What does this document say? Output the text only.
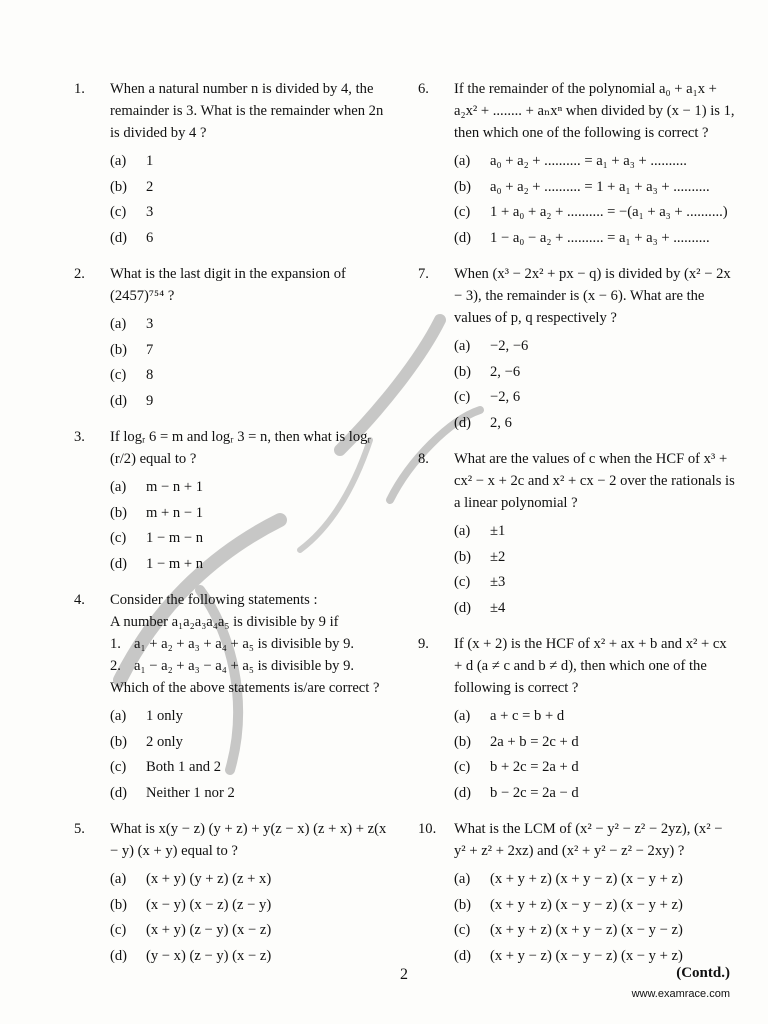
1.	When a natural number n is divided by 4, the remainder is 3. What is the remainder when 2n is divided by 4 ?
(a)	1
(b)	2
(c)	3
(d)	6
2.	What is the last digit in the expansion of (2457)⁷⁵⁴ ?
(a)	3
(b)	7
(c)	8
(d)	9
3.	If logᵣ 6 = m and logᵣ 3 = n, then what is logᵣ (r/2) equal to ?
(a)	m − n + 1
(b)	m + n − 1
(c)	1 − m − n
(d)	1 − m + n
4.	Consider the following statements :
A number a₁a₂a₃a₄a₅ is divisible by 9 if
1. a₁ + a₂ + a₃ + a₄ + a₅ is divisible by 9.
2. a₁ − a₂ + a₃ − a₄ + a₅ is divisible by 9.
Which of the above statements is/are correct ?
(a)	1 only
(b)	2 only
(c)	Both 1 and 2
(d)	Neither 1 nor 2
5.	What is x(y − z) (y + z) + y(z − x) (z + x) + z(x − y) (x + y) equal to ?
(a)	(x + y) (y + z) (z + x)
(b)	(x − y) (x − z) (z − y)
(c)	(x + y) (z − y) (x − z)
(d)	(y − x) (z − y) (x − z)
6.	If the remainder of the polynomial a₀ + a₁x + a₂x² + ........ + aₙxⁿ when divided by (x − 1) is 1, then which one of the following is correct ?
(a)	a₀ + a₂ + .......... = a₁ + a₃ + ..........
(b)	a₀ + a₂ + .......... = 1 + a₁ + a₃ + ..........
(c)	1 + a₀ + a₂ + .......... = −(a₁ + a₃ + ..........)
(d)	1 − a₀ − a₂ + .......... = a₁ + a₃ + ..........
7.	When (x³ − 2x² + px − q) is divided by (x² − 2x − 3), the remainder is (x − 6). What are the values of p, q respectively ?
(a)	−2, −6
(b)	2, −6
(c)	−2, 6
(d)	2, 6
8.	What are the values of c when the HCF of x³ + cx² − x + 2c and x² + cx − 2 over the rationals is a linear polynomial ?
(a)	±1
(b)	±2
(c)	±3
(d)	±4
9.	If (x + 2) is the HCF of x² + ax + b and x² + cx + d (a ≠ c and b ≠ d), then which one of the following is correct ?
(a)	a + c = b + d
(b)	2a + b = 2c + d
(c)	b + 2c = 2a + d
(d)	b − 2c = 2a − d
10.	What is the LCM of (x² − y² − z² − 2yz), (x² − y² + z² + 2xz) and (x² + y² − z² − 2xy) ?
(a)	(x + y + z) (x + y − z) (x − y + z)
(b)	(x + y + z) (x − y − z) (x − y + z)
(c)	(x + y + z) (x + y − z) (x − y − z)
(d)	(x + y − z) (x − y − z) (x − y + z)
2	(Contd.)
www.examrace.com
